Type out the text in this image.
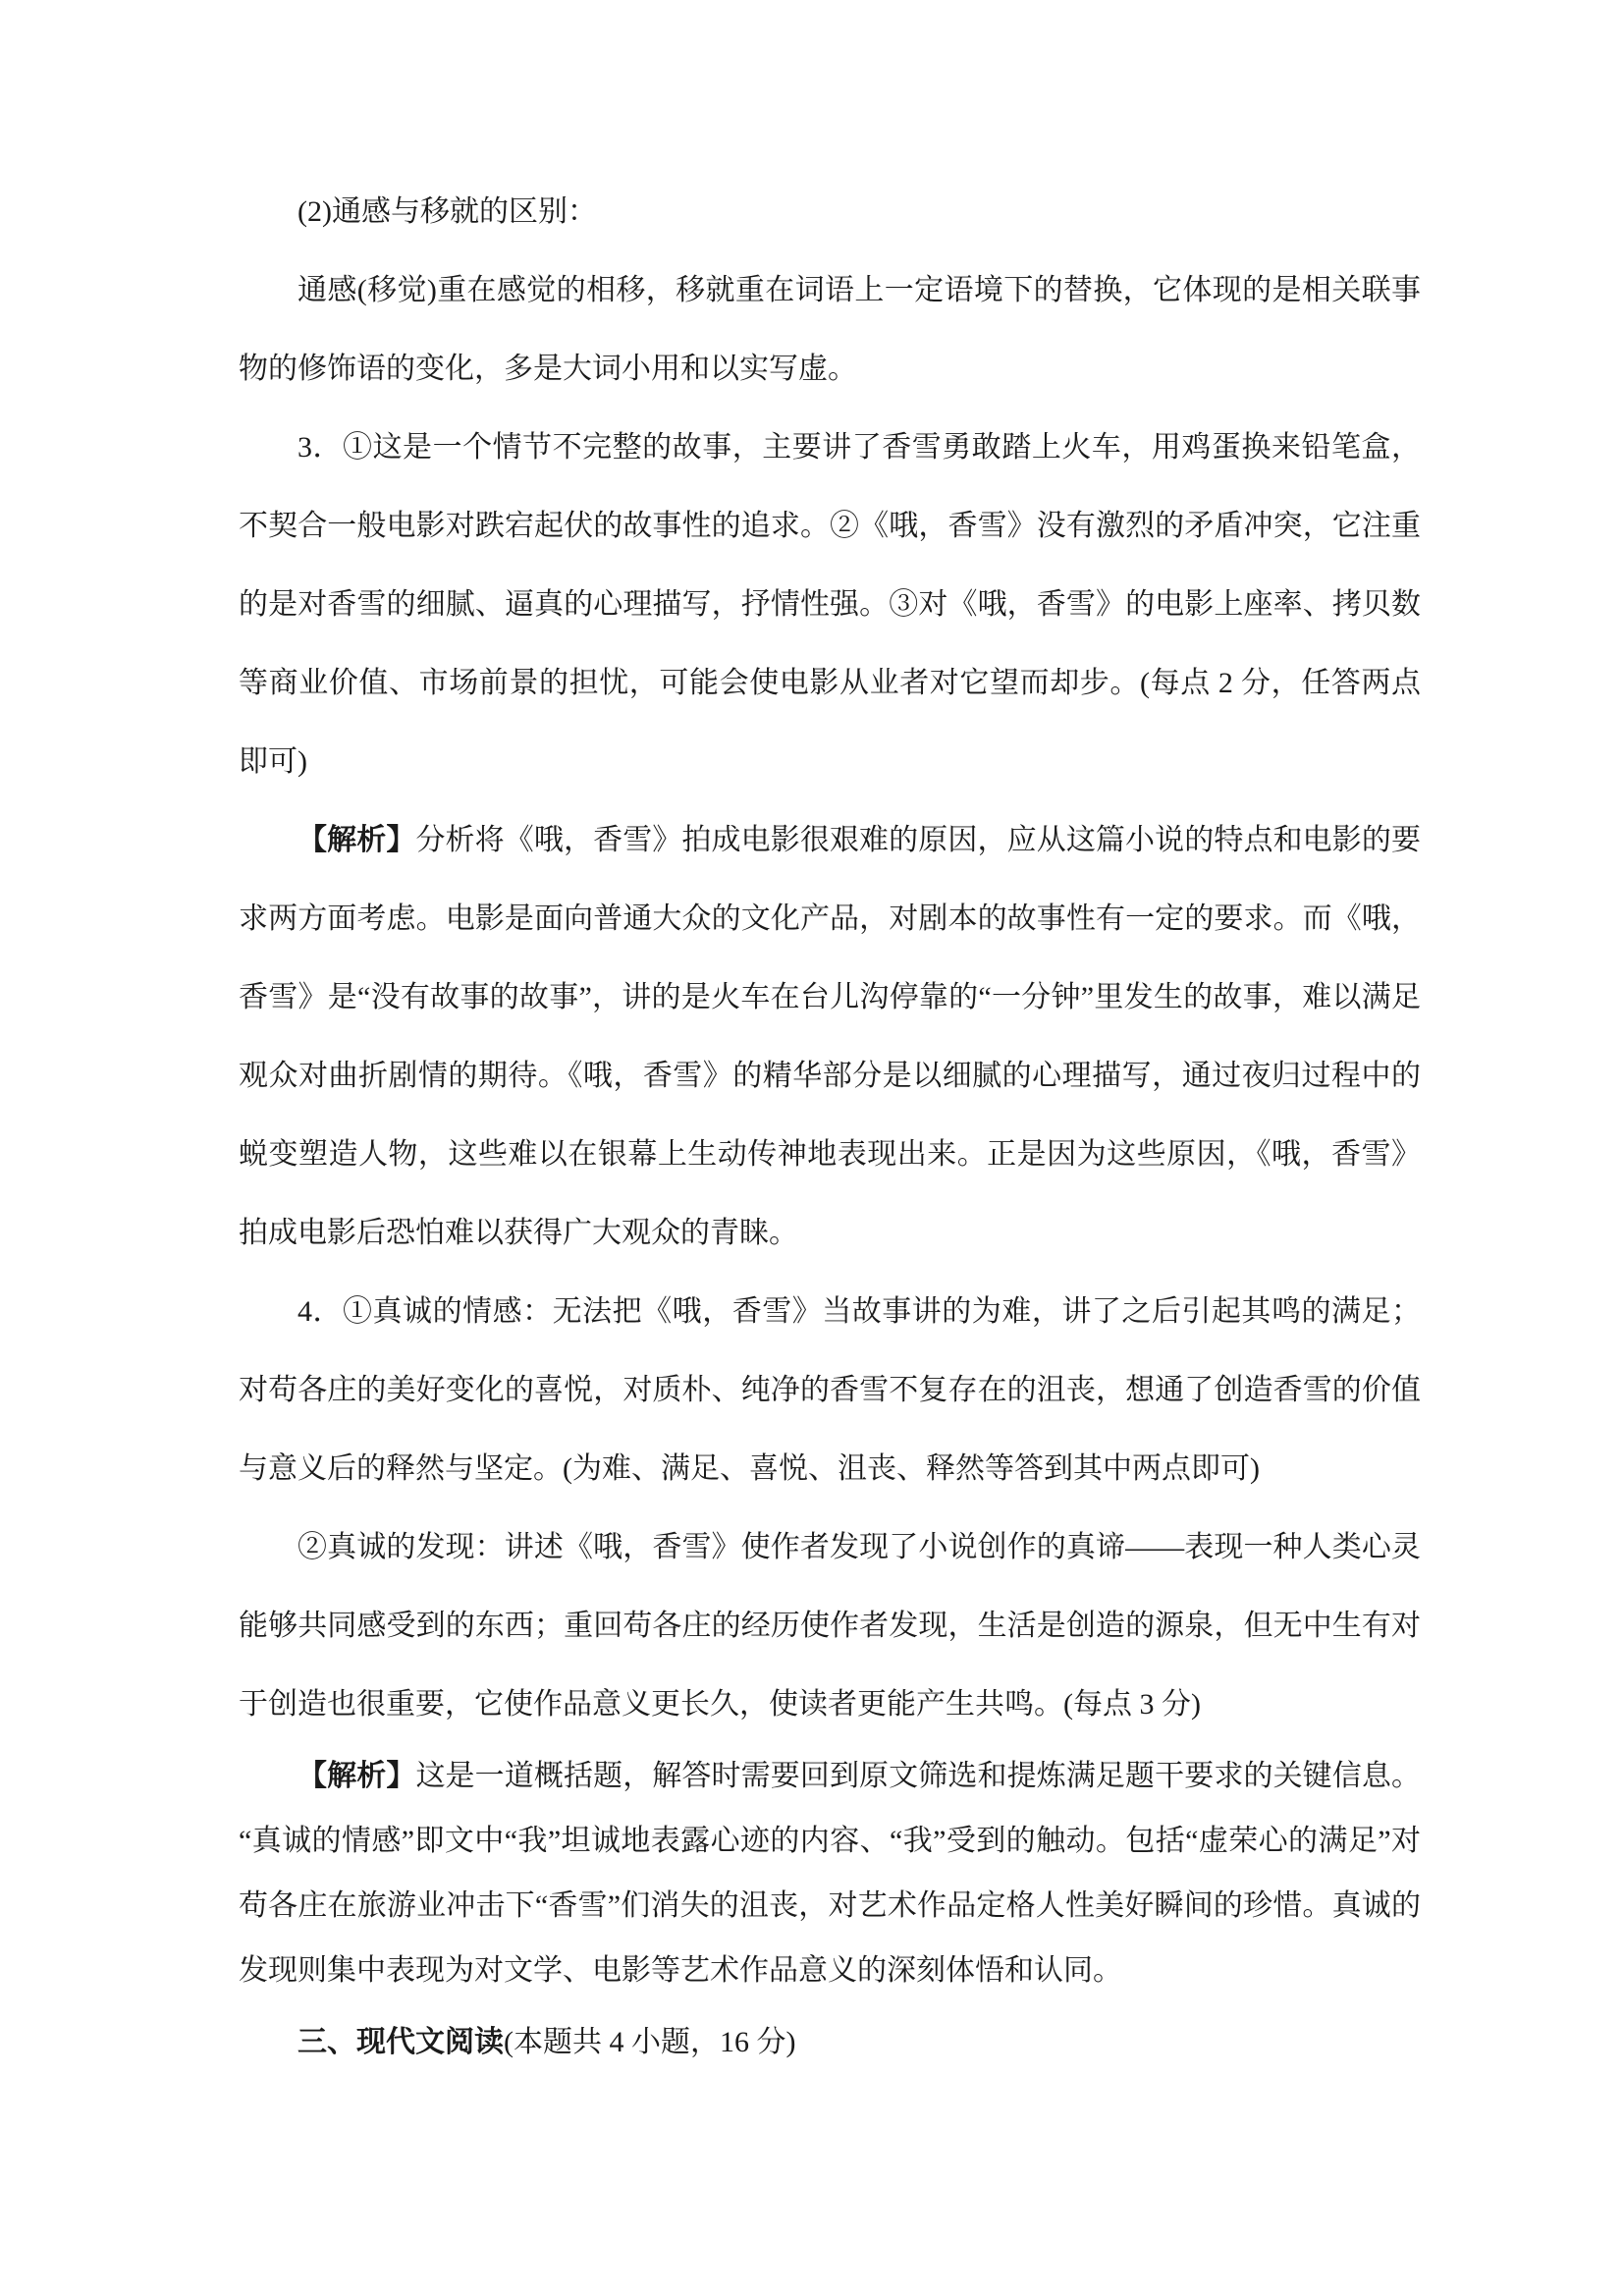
(2)通感与移就的区别：

通感(移觉)重在感觉的相移，移就重在词语上一定语境下的替换，它体现的是相关联事物的修饰语的变化，多是大词小用和以实写虚。

3．①这是一个情节不完整的故事，主要讲了香雪勇敢踏上火车，用鸡蛋换来铅笔盒，不契合一般电影对跌宕起伏的故事性的追求。②《哦，香雪》没有激烈的矛盾冲突，它注重的是对香雪的细腻、逼真的心理描写，抒情性强。③对《哦，香雪》的电影上座率、拷贝数等商业价值、市场前景的担忧，可能会使电影从业者对它望而却步。(每点 2 分，任答两点即可)

【解析】分析将《哦，香雪》拍成电影很艰难的原因，应从这篇小说的特点和电影的要求两方面考虑。电影是面向普通大众的文化产品，对剧本的故事性有一定的要求。而《哦，香雪》是“没有故事的故事”，讲的是火车在台儿沟停靠的“一分钟”里发生的故事，难以满足观众对曲折剧情的期待。《哦，香雪》的精华部分是以细腻的心理描写，通过夜归过程中的蜕变塑造人物，这些难以在银幕上生动传神地表现出来。正是因为这些原因，《哦，香雪》拍成电影后恐怕难以获得广大观众的青睐。

4．①真诚的情感：无法把《哦，香雪》当故事讲的为难，讲了之后引起其鸣的满足；对苟各庄的美好变化的喜悦，对质朴、纯净的香雪不复存在的沮丧，想通了创造香雪的价值与意义后的释然与坚定。(为难、满足、喜悦、沮丧、释然等答到其中两点即可)

②真诚的发现：讲述《哦，香雪》使作者发现了小说创作的真谛——表现一种人类心灵能够共同感受到的东西；重回苟各庄的经历使作者发现，生活是创造的源泉，但无中生有对于创造也很重要，它使作品意义更长久，使读者更能产生共鸣。(每点 3 分)

【解析】这是一道概括题，解答时需要回到原文筛选和提炼满足题干要求的关键信息。“真诚的情感”即文中“我”坦诚地表露心迹的内容、“我”受到的触动。包括“虚荣心的满足”对苟各庄在旅游业冲击下“香雪”们消失的沮丧，对艺术作品定格人性美好瞬间的珍惜。真诚的发现则集中表现为对文学、电影等艺术作品意义的深刻体悟和认同。

三、现代文阅读(本题共 4 小题，16 分)
